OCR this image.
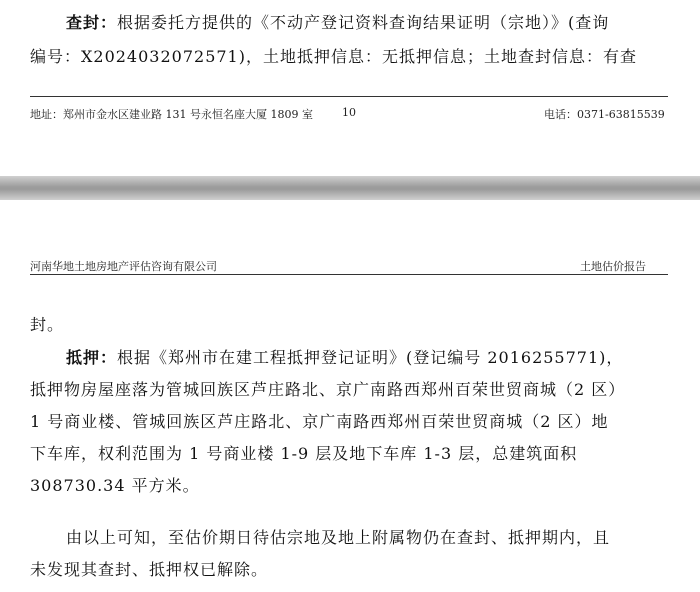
查封：根据委托方提供的《不动产登记资料查询结果证明（宗地）》(查询
编号：X2024032072571)，土地抵押信息：无抵押信息；土地查封信息：有查
地址：郑州市金水区建业路 131 号永恒名座大厦 1809 室	10	电话：0371-63815539
河南华地土地房地产评估咨询有限公司	土地估价报告
封。
抵押：根据《郑州市在建工程抵押登记证明》(登记编号 2016255771)，
抵押物房屋座落为管城回族区芦庄路北、京广南路西郑州百荣世贸商城（2 区）
1 号商业楼、管城回族区芦庄路北、京广南路西郑州百荣世贸商城（2 区）地
下车库，权利范围为 1 号商业楼 1-9 层及地下车库 1-3 层，总建筑面积
308730.34 平方米。
由以上可知，至估价期日待估宗地及地上附属物仍在查封、抵押期内，且
未发现其查封、抵押权已解除。
